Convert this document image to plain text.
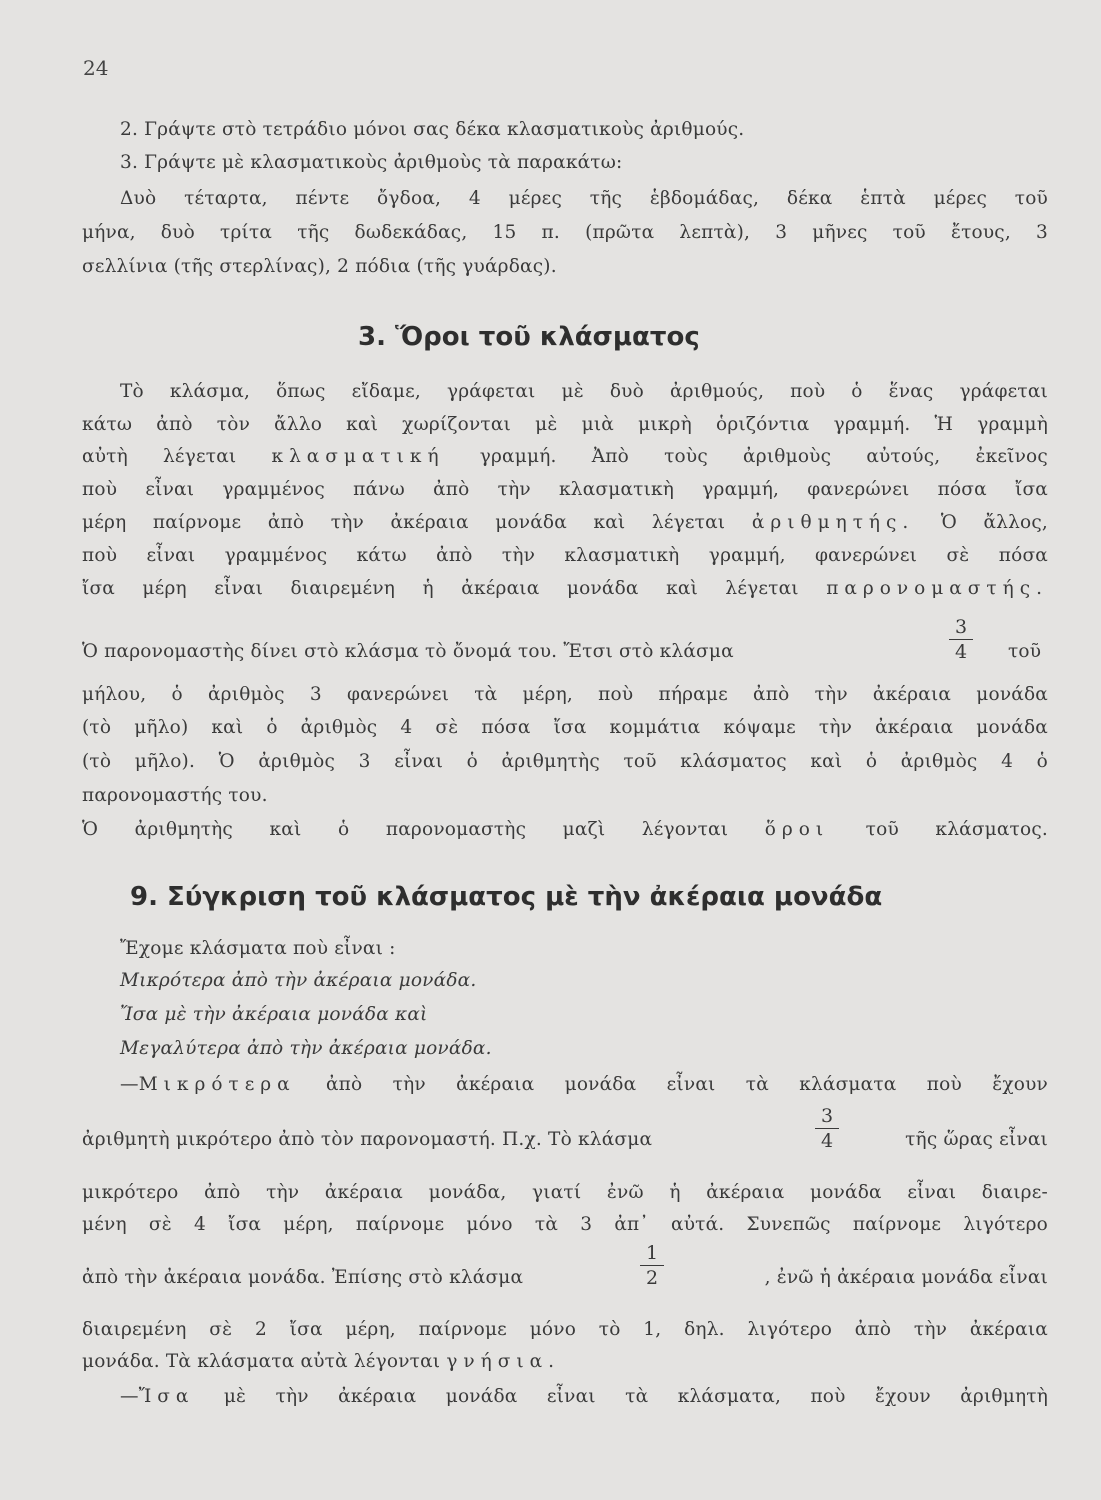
24
2. Γράψτε στὸ τετράδιο μόνοι σας δέκα κλασματικοὺς ἀριθμούς.
3. Γράψτε μὲ κλασματικοὺς ἀριθμοὺς τὰ παρακάτω:
Δυὸ τέταρτα, πέντε ὄγδοα, 4 μέρες τῆς ἑβδομάδας, δέκα ἑπτὰ μέρες τοῦ
μήνα, δυὸ τρίτα τῆς δωδεκάδας, 15 π. (πρῶτα λεπτὰ), 3 μῆνες τοῦ ἔτους, 3
σελλίνια (τῆς στερλίνας), 2 πόδια (τῆς γυάρδας).
3. Ὅροι τοῦ κλάσματος
Τὸ κλάσμα, ὅπως εἴδαμε, γράφεται μὲ δυὸ ἀριθμούς, ποὺ ὁ ἕνας γράφεται
κάτω ἀπὸ τὸν ἄλλο καὶ χωρίζονται μὲ μιὰ μικρὴ ὁριζόντια γραμμή. Ἡ γραμμὴ
αὐτὴ λέγεται κλασματική γραμμή. Ἀπὸ τοὺς ἀριθμοὺς αὐτούς, ἐκεῖνος
ποὺ εἶναι γραμμένος πάνω ἀπὸ τὴν κλασματικὴ γραμμή, φανερώνει πόσα ἴσα
μέρη παίρνομε ἀπὸ τὴν ἀκέραια μονάδα καὶ λέγεται ἀριθμητής. Ὁ ἄλλος,
ποὺ εἶναι γραμμένος κάτω ἀπὸ τὴν κλασματικὴ γραμμή, φανερώνει σὲ πόσα
ἴσα μέρη εἶναι διαιρεμένη ἡ ἀκέραια μονάδα καὶ λέγεται παρονομαστής.
Ὁ παρονομαστὴς δίνει στὸ κλάσμα τὸ ὄνομά του. Ἔτσι στὸ κλάσμα
3
4	τοῦ
μήλου, ὁ ἀριθμὸς 3 φανερώνει τὰ μέρη, ποὺ πήραμε ἀπὸ τὴν ἀκέραια μονάδα
(τὸ μῆλο) καὶ ὁ ἀριθμὸς 4 σὲ πόσα ἴσα κομμάτια κόψαμε τὴν ἀκέραια μονάδα
(τὸ μῆλο). Ὁ ἀριθμὸς 3 εἶναι ὁ ἀριθμητὴς τοῦ κλάσματος καὶ ὁ ἀριθμὸς 4 ὁ
παρονομαστής του.
Ὁ ἀριθμητὴς καὶ ὁ παρονομαστὴς μαζὶ λέγονται ὅροι τοῦ κλάσματος.
9. Σύγκριση τοῦ κλάσματος μὲ τὴν ἀκέραια μονάδα
Ἔχομε κλάσματα ποὺ εἶναι :
Μικρότερα ἀπὸ τὴν ἀκέραια μονάδα.
Ἴσα μὲ τὴν ἀκέραια μονάδα καὶ
Μεγαλύτερα ἀπὸ τὴν ἀκέραια μονάδα.
—Μικρότερα ἀπὸ τὴν ἀκέραια μονάδα εἶναι τὰ κλάσματα ποὺ ἔχουν
ἀριθμητὴ μικρότερο ἀπὸ τὸν παρονομαστή. Π.χ. Τὸ κλάσμα
3
4	τῆς ὥρας εἶναι
μικρότερο ἀπὸ τὴν ἀκέραια μονάδα, γιατί ἐνῶ ἡ ἀκέραια μονάδα εἶναι διαιρε-
μένη σὲ 4 ἴσα μέρη, παίρνομε μόνο τὰ 3 ἀπ᾿ αὐτά. Συνεπῶς παίρνομε λιγότερο
ἀπὸ τὴν ἀκέραια μονάδα. Ἐπίσης στὸ κλάσμα
1
2	, ἐνῶ ἡ ἀκέραια μονάδα εἶναι
διαιρεμένη σὲ 2 ἴσα μέρη, παίρνομε μόνο τὸ 1, δηλ. λιγότερο ἀπὸ τὴν ἀκέραια
μονάδα. Τὰ κλάσματα αὐτὰ λέγονται γνήσια.
—Ἴσα μὲ τὴν ἀκέραια μονάδα εἶναι τὰ κλάσματα, ποὺ ἔχουν ἀριθμητὴ
